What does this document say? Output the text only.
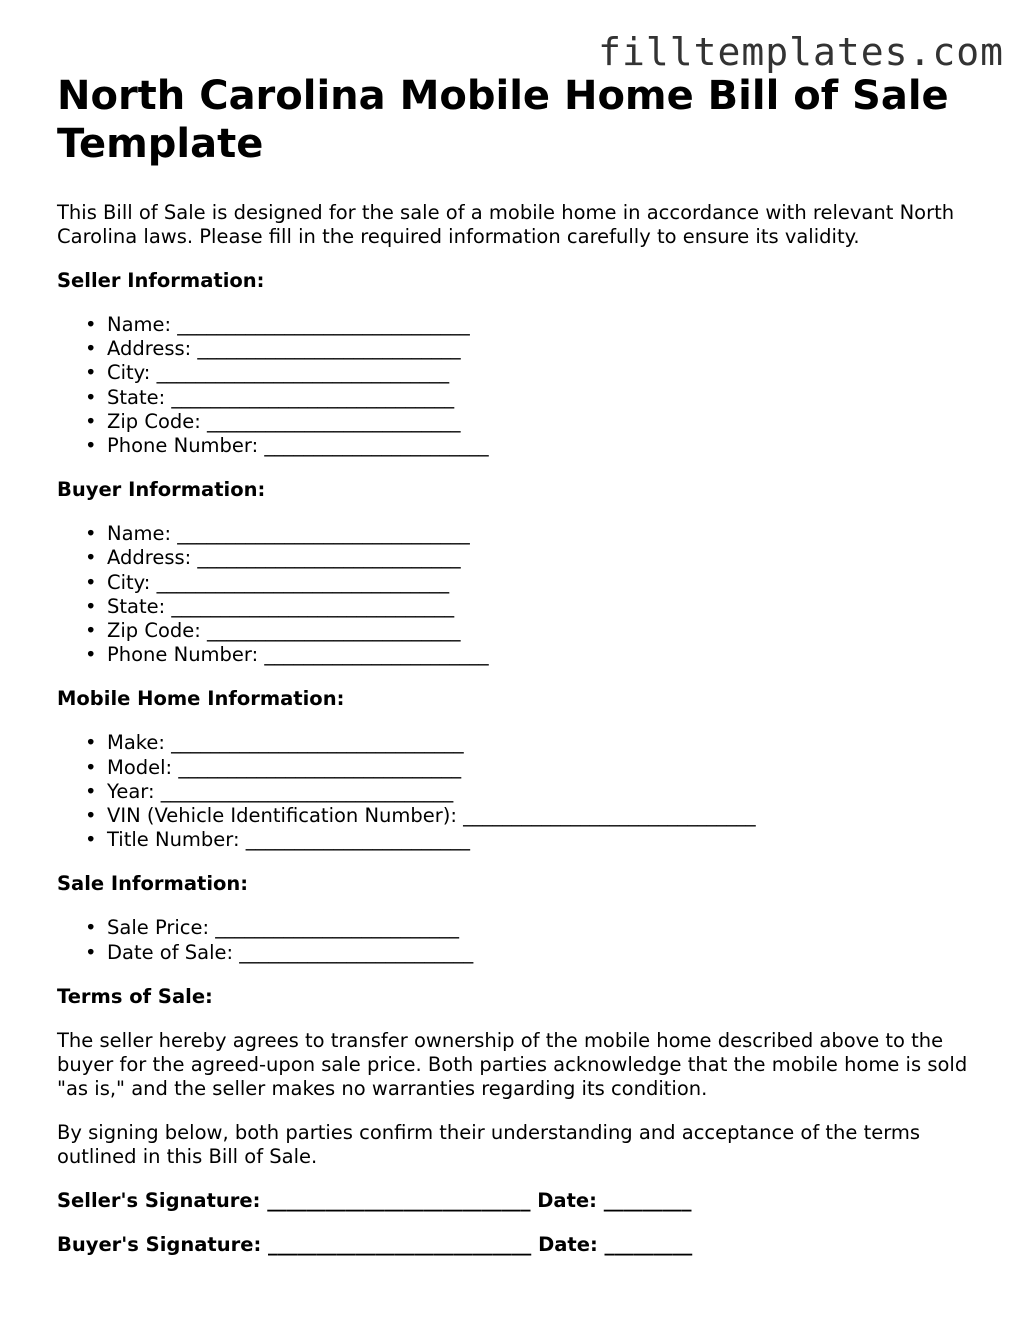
filltemplates.com
North Carolina Mobile Home Bill of Sale Template

This Bill of Sale is designed for the sale of a mobile home in accordance with relevant North Carolina laws. Please fill in the required information carefully to ensure its validity.

Seller Information:

• Name: ______________________________
• Address: ___________________________
• City: ______________________________
• State: _____________________________
• Zip Code: __________________________
• Phone Number: _______________________

Buyer Information:

• Name: ______________________________
• Address: ___________________________
• City: ______________________________
• State: _____________________________
• Zip Code: __________________________
• Phone Number: _______________________

Mobile Home Information:

• Make: ______________________________
• Model: _____________________________
• Year: ______________________________
• VIN (Vehicle Identification Number): ______________________________
• Title Number: _______________________

Sale Information:

• Sale Price: _________________________
• Date of Sale: ________________________

Terms of Sale:

The seller hereby agrees to transfer ownership of the mobile home described above to the buyer for the agreed-upon sale price. Both parties acknowledge that the mobile home is sold "as is," and the seller makes no warranties regarding its condition.

By signing below, both parties confirm their understanding and acceptance of the terms outlined in this Bill of Sale.

Seller's Signature: ___________________________ Date: _________

Buyer's Signature: ___________________________ Date: _________
